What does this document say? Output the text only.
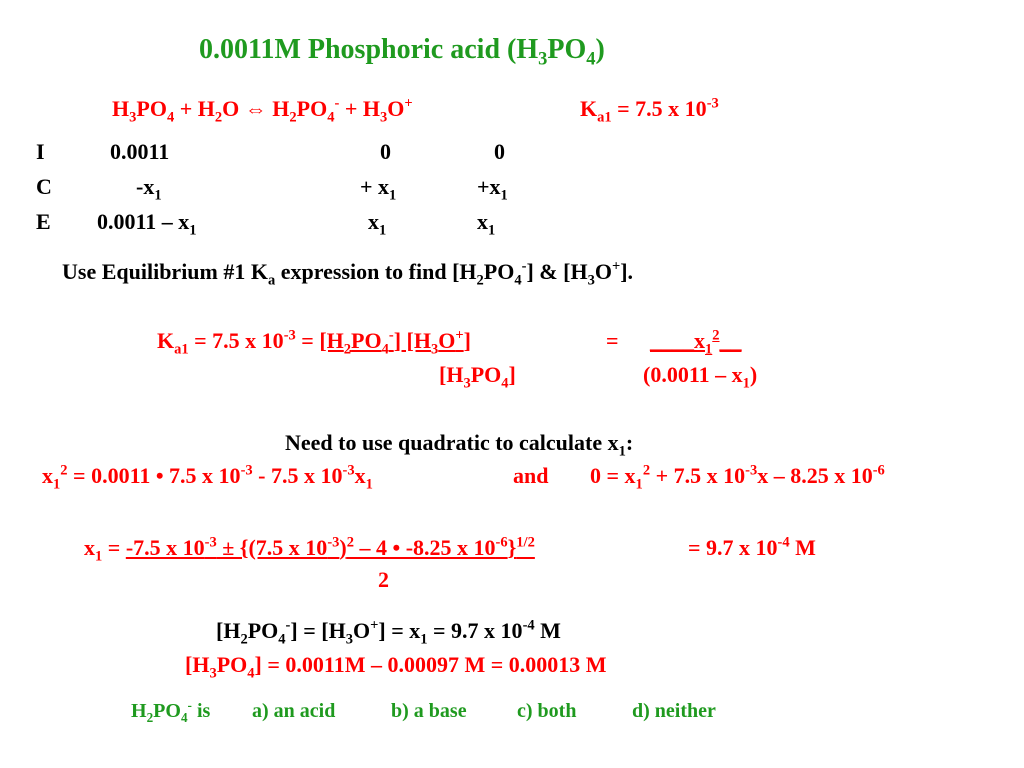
0.0011M Phosphoric acid $(H_3PO_4)$
$H_3PO_4 + H_2O$ ⇔ $H_2PO_4^- + H_3O^+$	$K_{a1} = 7.5$ x $10^{-3}$
I	0.0011	0	0
C	$-x_1$	+ $x_1$	$+x_1$
E $0.0011 - x_1$	$x_1$	$x_1$
Use Equilibrium #1 $K_a$ expression to find $[H_2PO_4^-]$ & $[H_3O^+]$.
$K_{a1} = 7.5$ x $10^{-3} = [H_2PO_4^-]$ $[H_3O^+]$	= $\_\_\_\_x_1^2\_\_$
$[H_3PO_4]$	$(0.0011 - x_1)$
Need to use quadratic to calculate $x_1$:
$x_1^2 = 0.0011$ • 7.5 x $10^{-3} - 7.5$ x $10^{-3}x_1$	and $0 = x_1^2 + 7.5$ x $10^{-3}x - 8.25$ x $10^{-6}$
$x_1 = -7.5$ x $10^{-3} \pm \{(7.5$ x $10^{-3})^2 - 4$ • -8.25 x $10^{-6}\}^{1/2}$	= 9.7 x $10^{-4}$ M
2
$[H_2PO_4^-] = [H_3O^+] = x_1 = 9.7$ x $10^{-4}$ M
$[H_3PO_4] = 0.0011M - 0.00097$ M = 0.00013 M
$H_2PO_4^-$ is a) an acid	b) a base	c) both	d) neither
